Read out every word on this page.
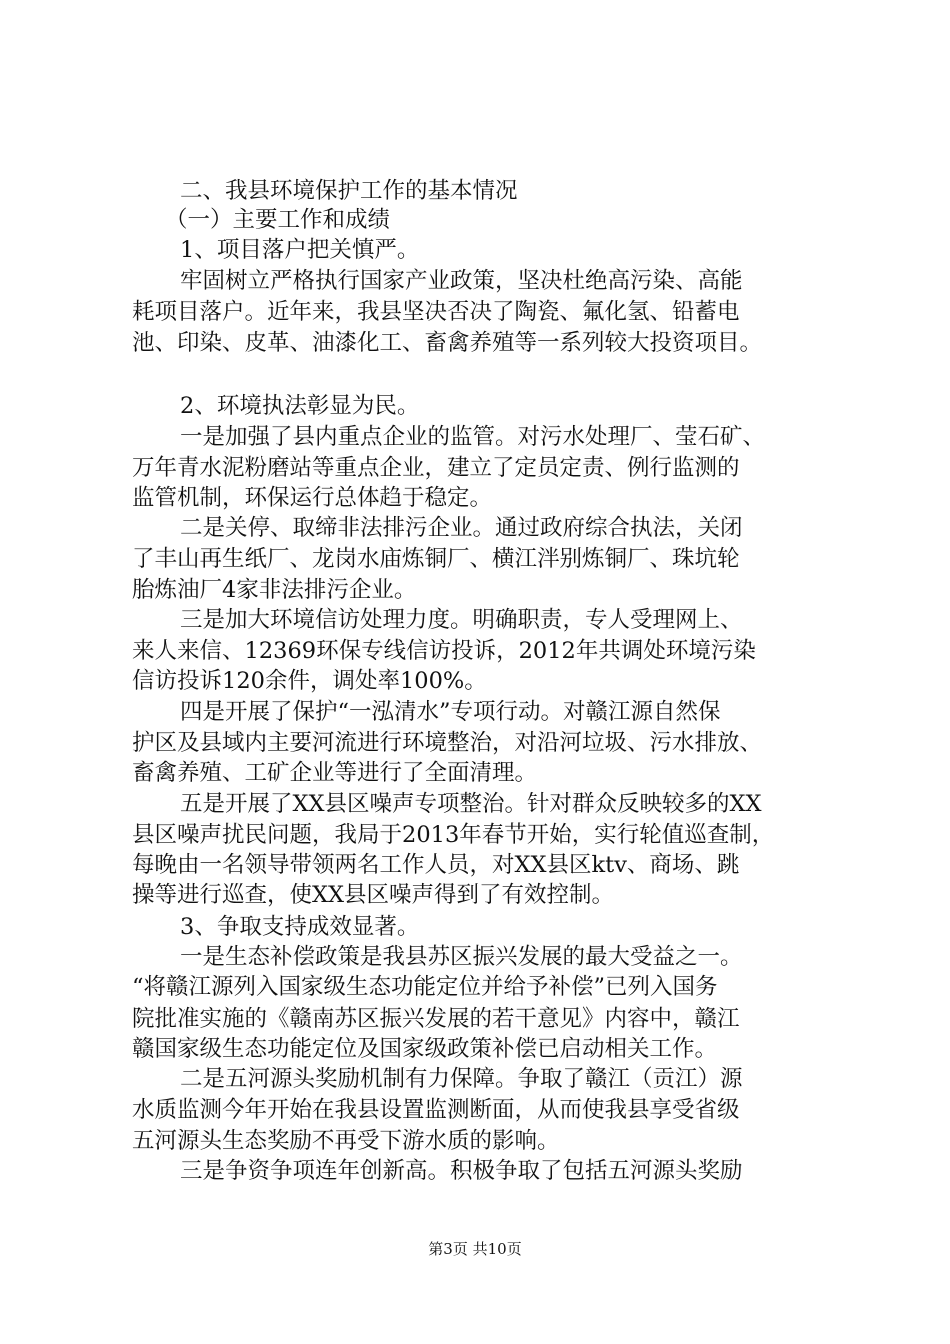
二、我县环境保护工作的基本情况
（一）主要工作和成绩
1、项目落户把关慎严。
牢固树立严格执行国家产业政策，坚决杜绝高污染、高能
耗项目落户。近年来，我县坚决否决了陶瓷、氟化氢、铅蓄电
池、印染、皮革、油漆化工、畜禽养殖等一系列较大投资项目。
2、环境执法彰显为民。
一是加强了县内重点企业的监管。对污水处理厂、莹石矿、
万年青水泥粉磨站等重点企业，建立了定员定责、例行监测的
监管机制，环保运行总体趋于稳定。
二是关停、取缔非法排污企业。通过政府综合执法，关闭
了丰山再生纸厂、龙岗水庙炼铜厂、横江泮别炼铜厂、珠坑轮
胎炼油厂4家非法排污企业。
三是加大环境信访处理力度。明确职责，专人受理网上、
来人来信、12369环保专线信访投诉，2012年共调处环境污染
信访投诉120余件，调处率100%。
四是开展了保护“一泓清水”专项行动。对赣江源自然保
护区及县域内主要河流进行环境整治，对沿河垃圾、污水排放、
畜禽养殖、工矿企业等进行了全面清理。
五是开展了XX县区噪声专项整治。针对群众反映较多的XX
县区噪声扰民问题，我局于2013年春节开始，实行轮值巡查制，
每晚由一名领导带领两名工作人员，对XX县区ktv、商场、跳
操等进行巡查，使XX县区噪声得到了有效控制。
3、争取支持成效显著。
一是生态补偿政策是我县苏区振兴发展的最大受益之一。
“将赣江源列入国家级生态功能定位并给予补偿”已列入国务
院批准实施的《赣南苏区振兴发展的若干意见》内容中，赣江
赣国家级生态功能定位及国家级政策补偿已启动相关工作。
二是五河源头奖励机制有力保障。争取了赣江（贡江）源
水质监测今年开始在我县设置监测断面，从而使我县享受省级
五河源头生态奖励不再受下游水质的影响。
三是争资争项连年创新高。积极争取了包括五河源头奖励
第3页 共10页
